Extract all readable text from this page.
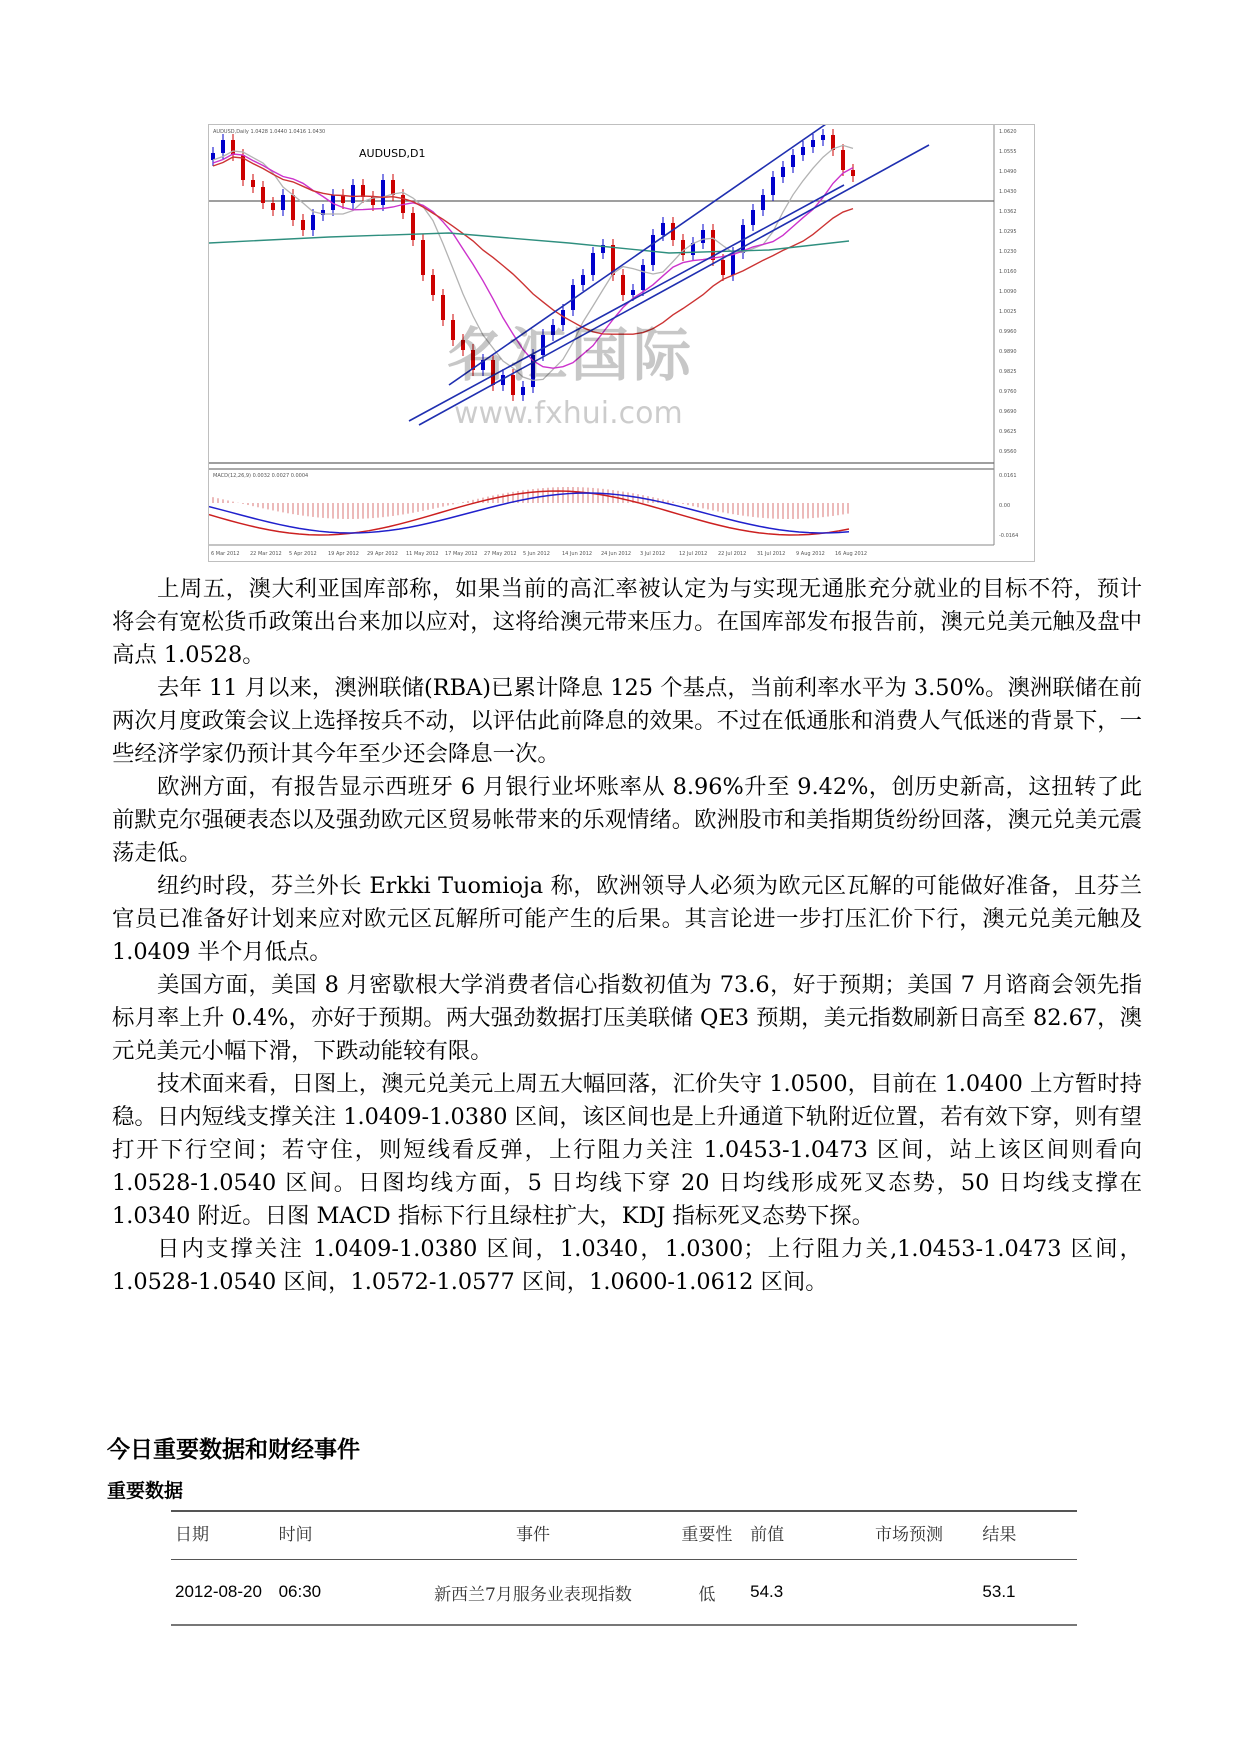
AUDUSD,Daily 1.0428 1.0440 1.0416 1.0430
AUDUSD,D1
MACD(12,26,9) 0.0032 0.0027 0.0004
1.0620
1.0555
1.0490
1.0430
1.0362
1.0295
1.0230
1.0160
1.0090
1.0025
0.9960
0.9890
0.9825
0.9760
0.9690
0.9625
0.9560
0.0161
0.00
-0.0164
6 Mar 2012 22 Mar 2012 5 Apr 2012 19 Apr 2012 29 Apr 2012 11 May 2012 17 May 2012 27 May 2012 5 Jun 2012 14 Jun 2012 24 Jun 2012 3 Jul 2012	12 Jul 2012 22 Jul 2012 31 Jul 2012 9 Aug 2012 16 Aug 2012
名汇国际
www.fxhui.com

上周五，澳大利亚国库部称，如果当前的高汇率被认定为与实现无通胀充分就业的目标不符，预计将会有宽松货币政策出台来加以应对，这将给澳元带来压力。在国库部发布报告前，澳元兑美元触及盘中高点 1.0528。

去年 11 月以来，澳洲联储(RBA)已累计降息 125 个基点，当前利率水平为 3.50%。澳洲联储在前两次月度政策会议上选择按兵不动，以评估此前降息的效果。不过在低通胀和消费人气低迷的背景下，一些经济学家仍预计其今年至少还会降息一次。

欧洲方面，有报告显示西班牙 6 月银行业坏账率从 8.96%升至 9.42%，创历史新高，这扭转了此前默克尔强硬表态以及强劲欧元区贸易帐带来的乐观情绪。欧洲股市和美指期货纷纷回落，澳元兑美元震荡走低。

纽约时段，芬兰外长 Erkki Tuomioja 称，欧洲领导人必须为欧元区瓦解的可能做好准备，且芬兰官员已准备好计划来应对欧元区瓦解所可能产生的后果。其言论进一步打压汇价下行，澳元兑美元触及 1.0409 半个月低点。

美国方面，美国 8 月密歇根大学消费者信心指数初值为 73.6，好于预期；美国 7 月谘商会领先指标月率上升 0.4%，亦好于预期。两大强劲数据打压美联储 QE3 预期，美元指数刷新日高至 82.67，澳元兑美元小幅下滑，下跌动能较有限。

技术面来看，日图上，澳元兑美元上周五大幅回落，汇价失守 1.0500，目前在 1.0400 上方暂时持稳。日内短线支撑关注 1.0409-1.0380 区间，该区间也是上升通道下轨附近位置，若有效下穿，则有望打开下行空间；若守住，则短线看反弹，上行阻力关注 1.0453-1.0473 区间，站上该区间则看向 1.0528-1.0540 区间。日图均线方面，5 日均线下穿 20 日均线形成死叉态势，50 日均线支撑在 1.0340 附近。日图 MACD 指标下行且绿柱扩大，KDJ 指标死叉态势下探。

日内支撑关注 1.0409-1.0380 区间，1.0340，1.0300；上行阻力关,1.0453-1.0473 区间，1.0528-1.0540 区间，1.0572-1.0577 区间，1.0600-1.0612 区间。

今日重要数据和财经事件
重要数据
日期	时间	事件	重要性	前值	市场预测	结果
2012-08-20	06:30	新西兰7月服务业表现指数	低	54.3		53.1
